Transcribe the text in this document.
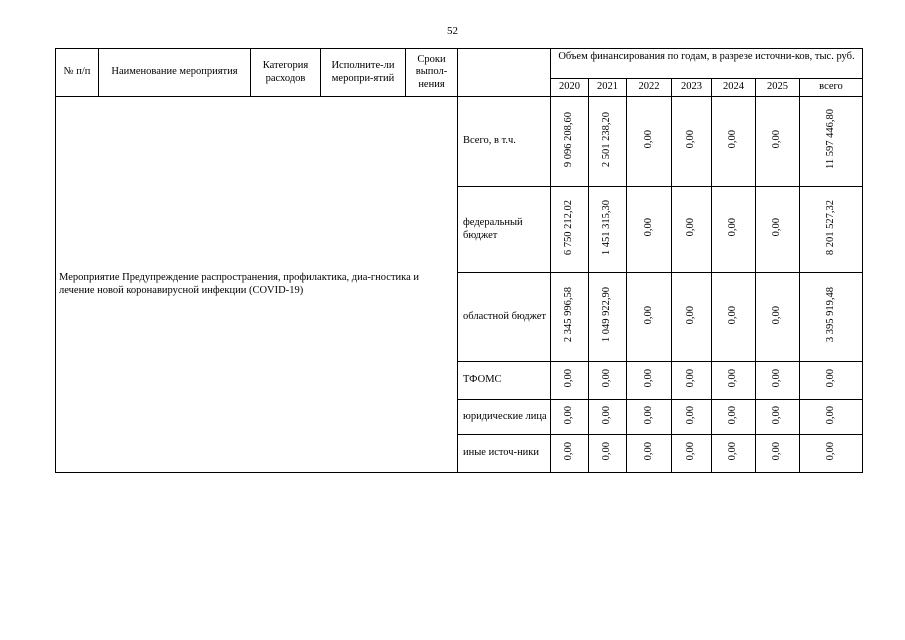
52
№ п/п	Наименование мероприятия	Категория расходов	Исполните-ли меропри-ятий	Сроки выпол-нения		Объем финансирования по годам, в разрезе источни-ков, тыс. руб.						
						2020	2021	2022	2023	2024	2025	всего
Мероприятие Предупреждение распространения, профилактика, диа-гностика и лечение новой коронавирусной инфекции (COVID-19)					Всего, в т.ч.	9 096 208,60	2 501 238,20	0,00	0,00	0,00	0,00	11 597 446,80
					федеральный бюджет	6 750 212,02	1 451 315,30	0,00	0,00	0,00	0,00	8 201 527,32
					областной бюджет	2 345 996,58	1 049 922,90	0,00	0,00	0,00	0,00	3 395 919,48
					ТФОМС	0,00	0,00	0,00	0,00	0,00	0,00	0,00
					юридические лица	0,00	0,00	0,00	0,00	0,00	0,00	0,00
					иные источ-ники	0,00	0,00	0,00	0,00	0,00	0,00	0,00
